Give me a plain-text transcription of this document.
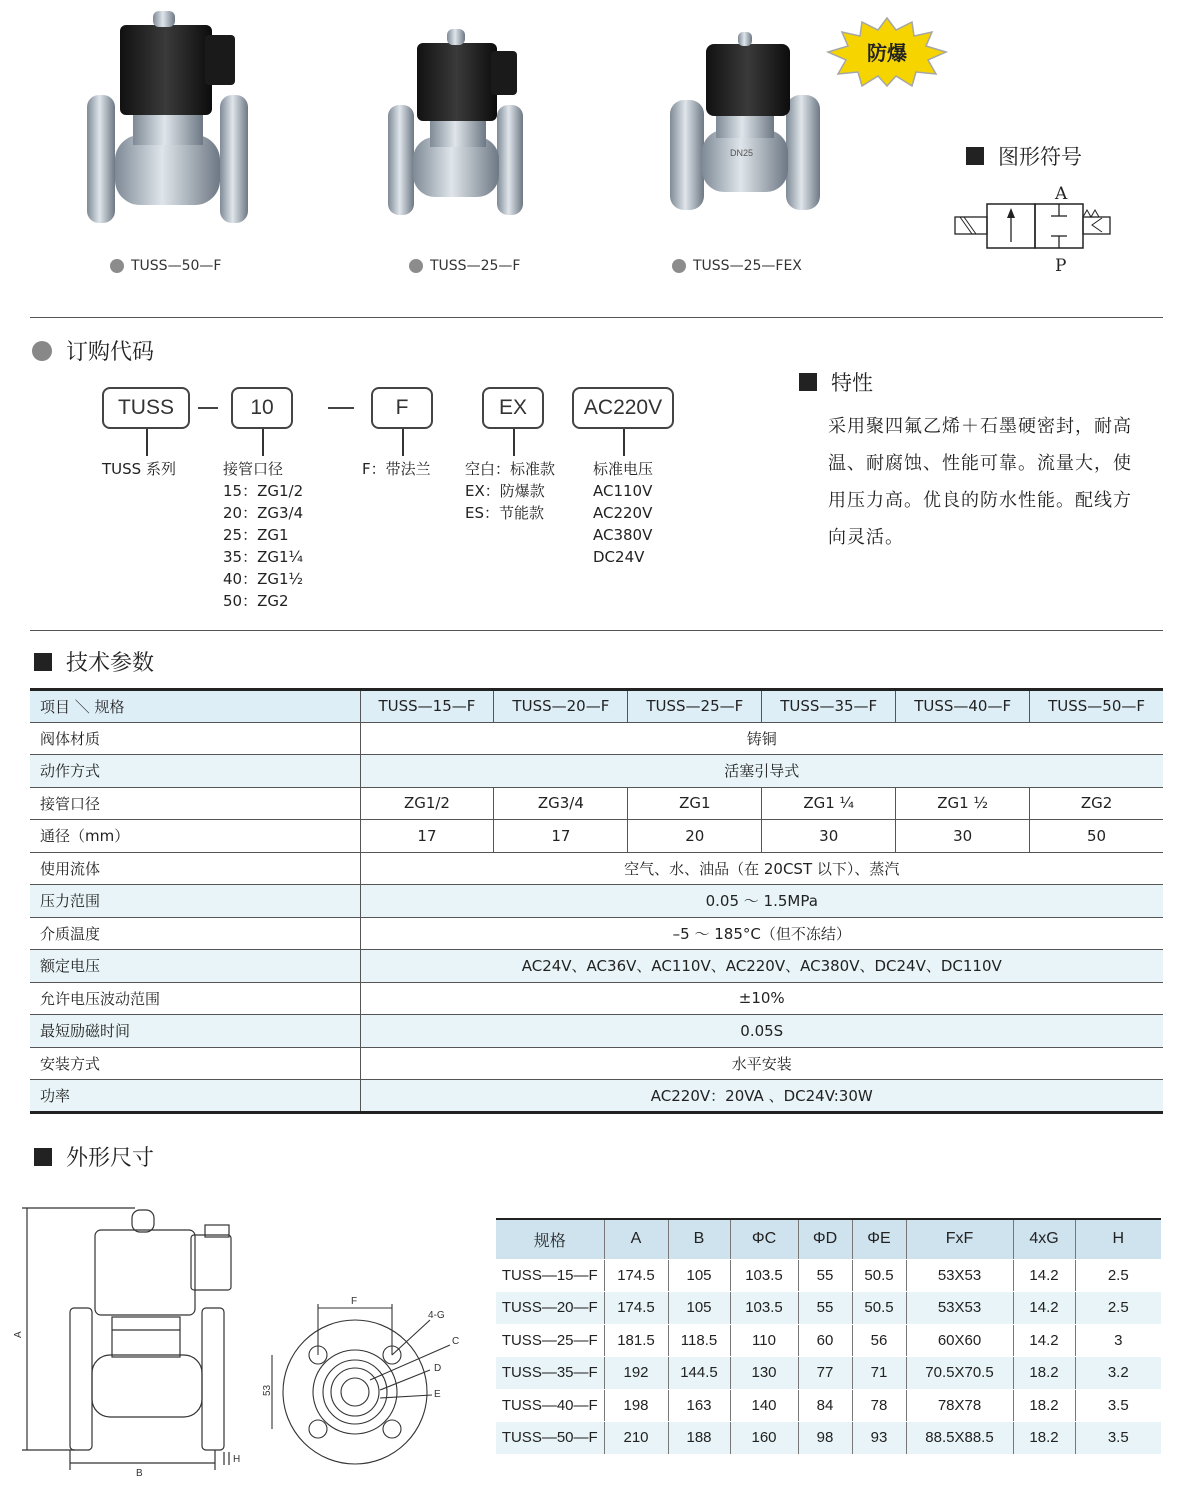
TUSS—50—F	TUSS—25—F
DN25
防爆
TUSS—25—FEX
图形符号
A
P
订购代码
TUSS	10	F	EX	AC220V
TUSS 系列	接管口径
15：ZG1/2
20：ZG3/4
25：ZG1
35：ZG1¼
40：ZG1½
50：ZG2
F：带法兰 空白：标准款
EX：防爆款
ES：节能款
标准电压
AC110V
AC220V
AC380V
DC24V
特性
采用聚四氟乙烯＋石墨硬密封，耐高
温、耐腐蚀、性能可靠。流量大，使
用压力高。优良的防水性能。配线方
向灵活。
技术参数
项目 ＼ 规格	TUSS—15—F	TUSS—20—F	TUSS—25—F	TUSS—35—F	TUSS—40—F	TUSS—50—F
阀体材质	铸铜					
动作方式	活塞引导式					
接管口径	ZG1/2	ZG3/4	ZG1	ZG1 ¼	ZG1 ½	ZG2
通径（mm）	17	17	20	30	30	50
使用流体	空气、水、油品（在 20CST 以下）、蒸汽					
压力范围	0.05 ～ 1.5MPa					
介质温度	–5 ～ 185°C（但不冻结）					
额定电压	AC24V、AC36V、AC110V、AC220V、AC380V、DC24V、DC110V					
允许电压波动范围	±10%					
最短励磁时间	0.05S					
安装方式	水平安装					
功率	AC220V：20VA 、DC24V:30W					
外形尺寸
A
B
H
F
4-G
C
D
E
53
规格	A	B	ΦC	ΦD	ΦE	FxF	4xG	H
TUSS—15—F	174.5	105	103.5	55	50.5	53X53	14.2	2.5
TUSS—20—F	174.5	105	103.5	55	50.5	53X53	14.2	2.5
TUSS—25—F	181.5	118.5	110	60	56	60X60	14.2	3
TUSS—35—F	192	144.5	130	77	71	70.5X70.5	18.2	3.2
TUSS—40—F	198	163	140	84	78	78X78	18.2	3.5
TUSS—50—F	210	188	160	98	93	88.5X88.5	18.2	3.5
